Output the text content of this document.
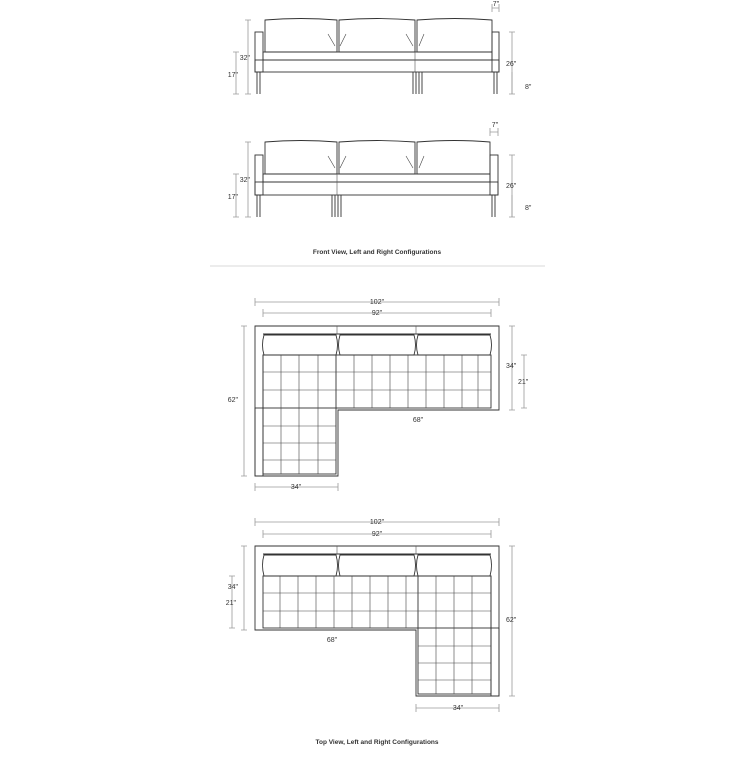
7"
32"
17"
26"
8"
7"
32"
17"
26"
8"
Front View, Left and Right Configurations
102"
92"
34"
21"
62"
68"
34"
102"
92"
34"
21"
62"
68"
34"
Top View, Left and Right Configurations
